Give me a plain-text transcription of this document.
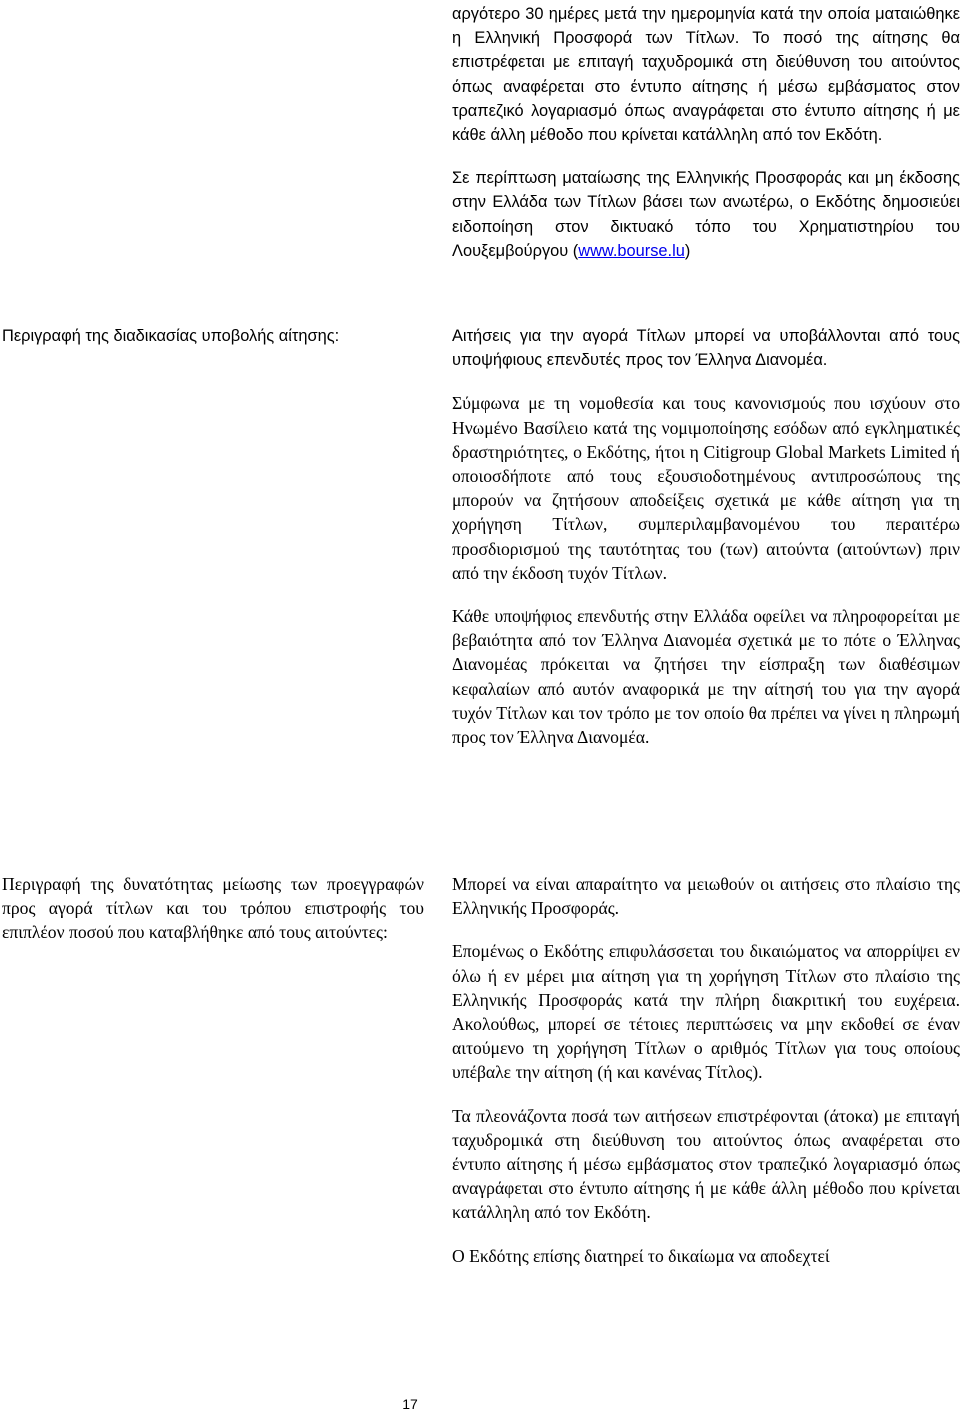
αργότερο 30 ημέρες μετά την ημερομηνία κατά την οποία ματαιώθηκε η Ελληνική Προσφορά των Τίτλων. Το ποσό της αίτησης θα επιστρέφεται με επιταγή ταχυδρομικά στη διεύθυνση του αιτούντος όπως αναφέρεται στο έντυπο αίτησης ή μέσω εμβάσματος στον τραπεζικό λογαριασμό όπως αναγράφεται στο έντυπο αίτησης ή με κάθε άλλη μέθοδο που κρίνεται κατάλληλη από τον Εκδότη.

Σε περίπτωση ματαίωσης της Ελληνικής Προσφοράς και μη έκδοσης στην Ελλάδα των Τίτλων βάσει των ανωτέρω, ο Εκδότης δημοσιεύει ειδοποίηση στον δικτυακό τόπο του Χρηματιστηρίου του Λουξεμβούργου (www.bourse.lu)

Περιγραφή της διαδικασίας υποβολής αίτησης:	Αιτήσεις για την αγορά Τίτλων μπορεί να υποβάλλονται από τους υποψήφιους επενδυτές προς τον Έλληνα Διανομέα.

Σύμφωνα με τη νομοθεσία και τους κανονισμούς που ισχύουν στο Ηνωμένο Βασίλειο κατά της νομιμοποίησης εσόδων από εγκληματικές δραστηριότητες, ο Εκδότης, ήτοι η Citigroup Global Markets Limited ή οποιοσδήποτε από τους εξουσιοδοτημένους αντιπροσώπους της μπορούν να ζητήσουν αποδείξεις σχετικά με κάθε αίτηση για τη χορήγηση Τίτλων, συμπεριλαμβανομένου του περαιτέρω προσδιορισμού της ταυτότητας του (των) αιτούντα (αιτούντων) πριν από την έκδοση τυχόν Τίτλων.

Κάθε υποψήφιος επενδυτής στην Ελλάδα οφείλει να πληροφορείται με βεβαιότητα από τον Έλληνα Διανομέα σχετικά με το πότε ο Έλληνας Διανομέας πρόκειται να ζητήσει την είσπραξη των διαθέσιμων κεφαλαίων από αυτόν αναφορικά με την αίτησή του για την αγορά τυχόν Τίτλων και τον τρόπο με τον οποίο θα πρέπει να γίνει η πληρωμή προς τον Έλληνα Διανομέα.

Περιγραφή της δυνατότητας μείωσης των προεγγραφών προς αγορά τίτλων και του τρόπου επιστροφής του επιπλέον ποσού που καταβλήθηκε από τους αιτούντες:

Μπορεί να είναι απαραίτητο να μειωθούν οι αιτήσεις στο πλαίσιο της Ελληνικής Προσφοράς.

Επομένως ο Εκδότης επιφυλάσσεται του δικαιώματος να απορρίψει εν όλω ή εν μέρει μια αίτηση για τη χορήγηση Τίτλων στο πλαίσιο της Ελληνικής Προσφοράς κατά την πλήρη διακριτική του ευχέρεια. Ακολούθως, μπορεί σε τέτοιες περιπτώσεις να μην εκδοθεί σε έναν αιτούμενο τη χορήγηση Τίτλων ο αριθμός Τίτλων για τους οποίους υπέβαλε την αίτηση (ή και κανένας Τίτλος).

Τα πλεονάζοντα ποσά των αιτήσεων επιστρέφονται (άτοκα) με επιταγή ταχυδρομικά στη διεύθυνση του αιτούντος όπως αναφέρεται στο έντυπο αίτησης ή μέσω εμβάσματος στον τραπεζικό λογαριασμό όπως αναγράφεται στο έντυπο αίτησης ή με κάθε άλλη μέθοδο που κρίνεται κατάλληλη από τον Εκδότη.

Ο Εκδότης επίσης διατηρεί το δικαίωμα να αποδεχτεί

17
